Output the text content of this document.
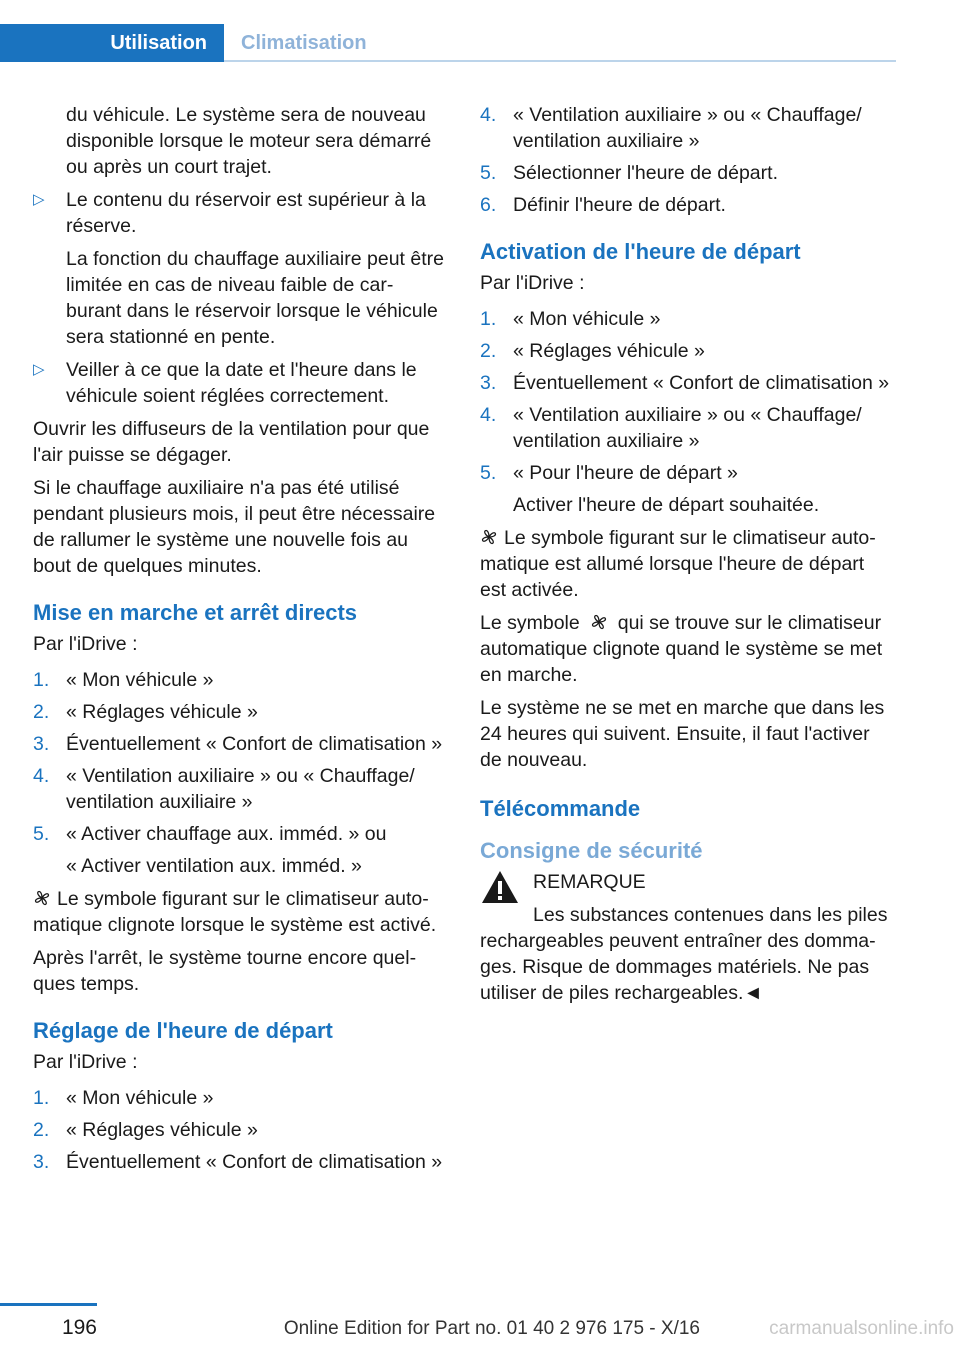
Utilisation	Climatisation

du véhicule. Le système sera de nouveau disponible lorsque le moteur sera démarré ou après un court trajet.

▷ Le contenu du réservoir est supérieur à la réserve.

La fonction du chauffage auxiliaire peut être limitée en cas de niveau faible de car-burant dans le réservoir lorsque le véhicule sera stationné en pente.

▷ Veiller à ce que la date et l'heure dans le véhicule soient réglées correctement.

Ouvrir les diffuseurs de la ventilation pour que l'air puisse se dégager.

Si le chauffage auxiliaire n'a pas été utilisé pendant plusieurs mois, il peut être nécessaire de rallumer le système une nouvelle fois au bout de quelques minutes.

Mise en marche et arrêt directs

Par l'iDrive :

1. « Mon véhicule »
2. « Réglages véhicule »
3. Éventuellement « Confort de climatisation »
4. « Ventilation auxiliaire » ou « Chauffage/ ventilation auxiliaire »
5. « Activer chauffage aux. imméd. » ou

« Activer ventilation aux. imméd. »

Le symbole figurant sur le climatiseur auto-matique clignote lorsque le système est activé.

Après l'arrêt, le système tourne encore quel-ques temps.

Réglage de l'heure de départ

Par l'iDrive :

1. « Mon véhicule »
2. « Réglages véhicule »
3. Éventuellement « Confort de climatisation »
4. « Ventilation auxiliaire » ou « Chauffage/ ventilation auxiliaire »
5. Sélectionner l'heure de départ.
6. Définir l'heure de départ.
Activation de l'heure de départ

Par l'iDrive :

1. « Mon véhicule »
2. « Réglages véhicule »
3. Éventuellement « Confort de climatisation »
4. « Ventilation auxiliaire » ou « Chauffage/ ventilation auxiliaire »
5. « Pour l'heure de départ »

Activer l'heure de départ souhaitée.

Le symbole figurant sur le climatiseur auto-matique est allumé lorsque l'heure de départ est activée.

Le symbole qui se trouve sur le climatiseur automatique clignote quand le système se met en marche.

Le système ne se met en marche que dans les 24 heures qui suivent. Ensuite, il faut l'activer de nouveau.

Télécommande
Consigne de sécurité

REMARQUE

Les substances contenues dans les piles rechargeables peuvent entraîner des domma-ges. Risque de dommages matériels. Ne pas utiliser de piles rechargeables.◄

196	Online Edition for Part no. 01 40 2 976 175 - X/16	carmanualsonline.info
